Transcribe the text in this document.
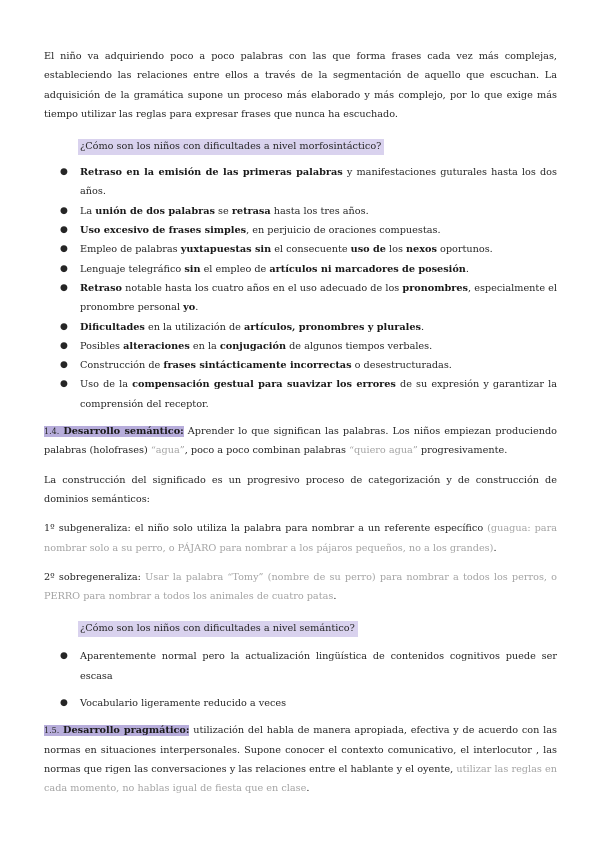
El niño va adquiriendo poco a poco palabras con las que forma frases cada vez más complejas, estableciendo las relaciones entre ellos a través de la segmentación de aquello que escuchan. La adquisición de la gramática supone un proceso más elaborado y más complejo, por lo que exige más tiempo utilizar las reglas para expresar frases que nunca ha escuchado.

¿Cómo son los niños con dificultades a nivel morfosintáctico?
● Retraso en la emisión de las primeras palabras y manifestaciones guturales hasta los dos años.
● La unión de dos palabras se retrasa hasta los tres años.
● Uso excesivo de frases simples, en perjuicio de oraciones compuestas.
● Empleo de palabras yuxtapuestas sin el consecuente uso de los nexos oportunos.
● Lenguaje telegráfico sin el empleo de artículos ni marcadores de posesión.
● Retraso notable hasta los cuatro años en el uso adecuado de los pronombres, especialmente el pronombre personal yo.
● Dificultades en la utilización de artículos, pronombres y plurales.
● Posibles alteraciones en la conjugación de algunos tiempos verbales.
● Construcción de frases sintácticamente incorrectas o desestructuradas.
● Uso de la compensación gestual para suavizar los errores de su expresión y garantizar la comprensión del receptor.

1.4. Desarrollo semántico: Aprender lo que significan las palabras. Los niños empiezan produciendo palabras (holofrases) “agua”, poco a poco combinan palabras “quiero agua” progresivamente.

La construcción del significado es un progresivo proceso de categorización y de construcción de dominios semánticos:

1º subgeneraliza: el niño solo utiliza la palabra para nombrar a un referente específico (guagua: para nombrar solo a su perro, o PÁJARO para nombrar a los pájaros pequeños, no a los grandes).

2º sobregeneraliza: Usar la palabra “Tomy” (nombre de su perro) para nombrar a todos los perros, o PERRO para nombrar a todos los animales de cuatro patas.

¿Cómo son los niños con dificultades a nivel semántico?
● Aparentemente normal pero la actualización lingüística de contenidos cognitivos puede ser escasa
● Vocabulario ligeramente reducido a veces

1.5. Desarrollo pragmático: utilización del habla de manera apropiada, efectiva y de acuerdo con las normas en situaciones interpersonales. Supone conocer el contexto comunicativo, el interlocutor , las normas que rigen las conversaciones y las relaciones entre el hablante y el oyente, utilizar las reglas en cada momento, no hablas igual de fiesta que en clase.
